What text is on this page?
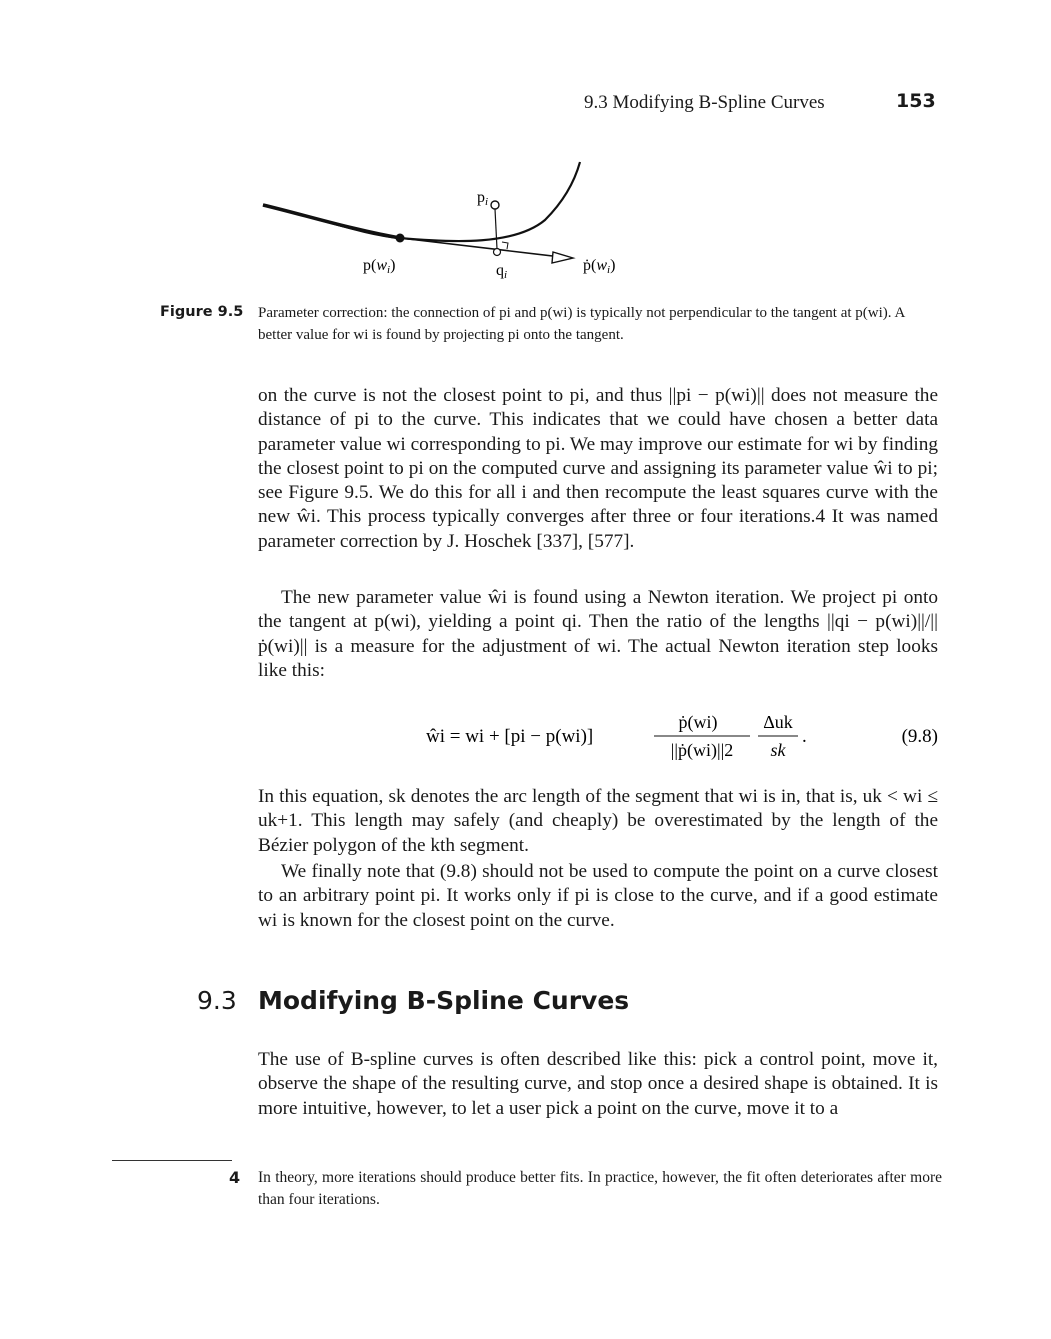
9.3 Modifying B-Spline Curves	153
pi
p(wi)	qi
ṗ(wi)
Figure 9.5 Parameter correction: the connection of pi and p(wi) is typically not perpendicular to the tangent at p(wi). A better value for wi is found by projecting pi onto the tangent.

on the curve is not the closest point to pi, and thus ||pi − p(wi)|| does not measure the distance of pi to the curve. This indicates that we could have chosen a better data parameter value wi corresponding to pi. We may improve our estimate for wi by finding the closest point to pi on the computed curve and assigning its parameter value ŵi to pi; see Figure 9.5. We do this for all i and then recompute the least squares curve with the new ŵi. This process typically converges after three or four iterations.4 It was named parameter correction by J. Hoschek [337], [577].

The new parameter value ŵi is found using a Newton iteration. We project pi onto the tangent at p(wi), yielding a point qi. Then the ratio of the lengths ||qi − p(wi)||/||ṗ(wi)|| is a measure for the adjustment of wi. The actual Newton iteration step looks like this:

ŵi = wi + [pi − p(wi)]
ṗ(wi)
||ṗ(wi)||2
Δuk
sk
.	(9.8)

In this equation, sk denotes the arc length of the segment that wi is in, that is, uk < wi ≤ uk+1. This length may safely (and cheaply) be overestimated by the length of the Bézier polygon of the kth segment.

We finally note that (9.8) should not be used to compute the point on a curve closest to an arbitrary point pi. It works only if pi is close to the curve, and if a good estimate wi is known for the closest point on the curve.

9.3 Modifying B-Spline Curves

The use of B-spline curves is often described like this: pick a control point, move it, observe the shape of the resulting curve, and stop once a desired shape is obtained. It is more intuitive, however, to let a user pick a point on the curve, move it to a

4 In theory, more iterations should produce better fits. In practice, however, the fit often deteriorates after more than four iterations.
